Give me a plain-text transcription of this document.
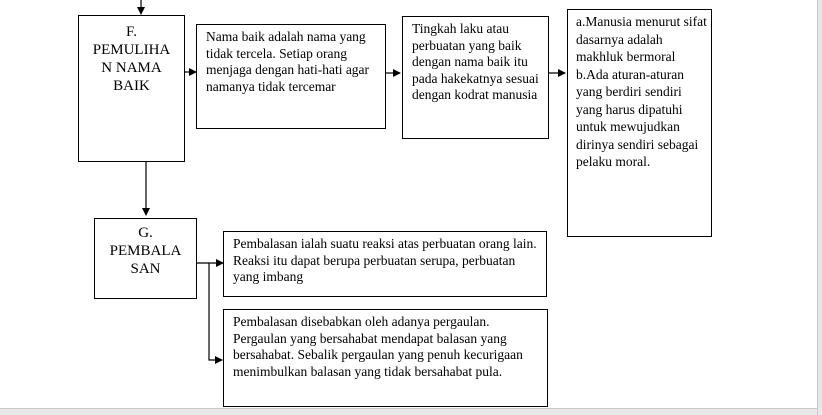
F.
PEMULIHA
N NAMA
BAIK
Nama baik adalah nama yang tidak tercela. Setiap orang menjaga dengan hati-hati agar namanya tidak tercemar
Tingkah laku atau perbuatan yang baik dengan nama baik itu pada hakekatnya sesuai dengan kodrat manusia
a.Manusia menurut sifat dasarnya adalah makhluk bermoral
b.Ada aturan-aturan yang berdiri sendiri yang harus dipatuhi untuk mewujudkan dirinya sendiri sebagai pelaku moral.
G.
PEMBALA
SAN
Pembalasan ialah suatu reaksi atas perbuatan orang lain. Reaksi itu dapat berupa perbuatan serupa, perbuatan yang imbang
Pembalasan disebabkan oleh adanya pergaulan. Pergaulan yang bersahabat mendapat balasan yang bersahabat. Sebalik pergaulan yang penuh kecurigaan menimbulkan balasan yang tidak bersahabat pula.
